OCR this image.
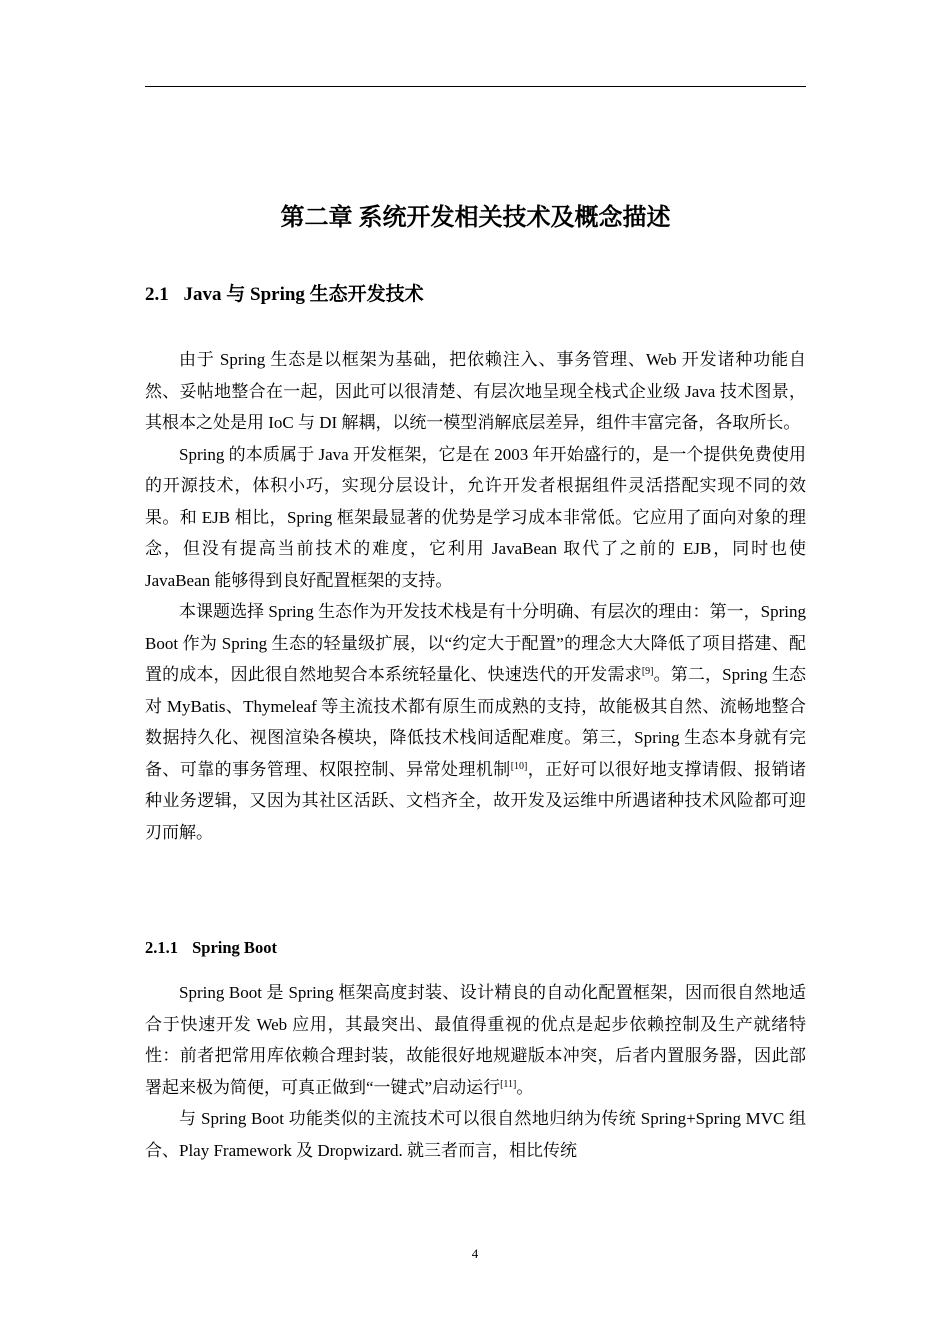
第二章 系统开发相关技术及概念描述
2.1 Java 与 Spring 生态开发技术

由于 Spring 生态是以框架为基础，把依赖注入、事务管理、Web 开发诸种功能自然、妥帖地整合在一起，因此可以很清楚、有层次地呈现全栈式企业级 Java 技术图景，其根本之处是用 IoC 与 DI 解耦，以统一模型消解底层差异，组件丰富完备，各取所长。

Spring 的本质属于 Java 开发框架，它是在 2003 年开始盛行的，是一个提供免费使用的开源技术，体积小巧，实现分层设计，允许开发者根据组件灵活搭配实现不同的效果。和 EJB 相比，Spring 框架最显著的优势是学习成本非常低。它应用了面向对象的理念，但没有提高当前技术的难度，它利用 JavaBean 取代了之前的 EJB，同时也使 JavaBean 能够得到良好配置框架的支持。

本课题选择 Spring 生态作为开发技术栈是有十分明确、有层次的理由：第一，Spring Boot 作为 Spring 生态的轻量级扩展，以“约定大于配置”的理念大大降低了项目搭建、配置的成本，因此很自然地契合本系统轻量化、快速迭代的开发需求[9]。第二，Spring 生态对 MyBatis、Thymeleaf 等主流技术都有原生而成熟的支持，故能极其自然、流畅地整合数据持久化、视图渲染各模块，降低技术栈间适配难度。第三，Spring 生态本身就有完备、可靠的事务管理、权限控制、异常处理机制[10]，正好可以很好地支撑请假、报销诸种业务逻辑，又因为其社区活跃、文档齐全，故开发及运维中所遇诸种技术风险都可迎刃而解。

2.1.1 Spring Boot

Spring Boot 是 Spring 框架高度封装、设计精良的自动化配置框架，因而很自然地适合于快速开发 Web 应用，其最突出、最值得重视的优点是起步依赖控制及生产就绪特性：前者把常用库依赖合理封装，故能很好地规避版本冲突，后者内置服务器，因此部署起来极为简便，可真正做到“一键式”启动运行[11]。

与 Spring Boot 功能类似的主流技术可以很自然地归纳为传统 Spring+Spring MVC 组合、Play Framework 及 Dropwizard. 就三者而言，相比传统

4
